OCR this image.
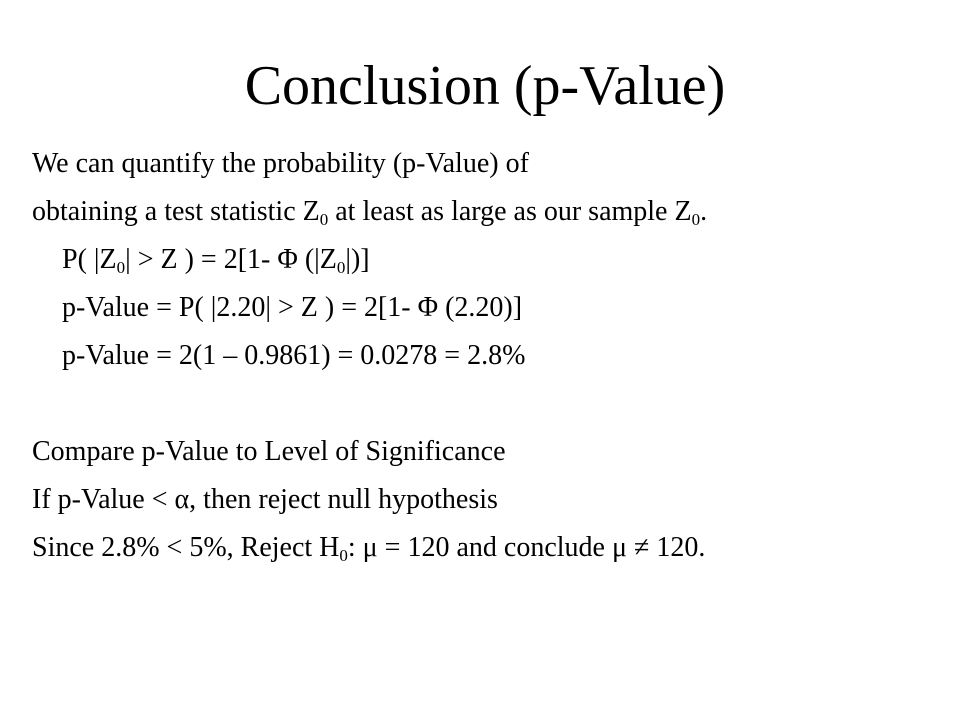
Conclusion (p-Value)
We can quantify the probability (p-Value) of
obtaining a test statistic $Z_0$ at least as large as our sample $Z_0$.
P( $|Z_0| > Z$ ) = 2[1- Φ $(|Z_0|)$]
p-Value = P( |2.20| > Z ) = 2[1- Φ (2.20)]
p-Value = 2(1 – 0.9861) = 0.0278 = 2.8%
Compare p-Value to Level of Significance
If p-Value < α, then reject null hypothesis
Since 2.8% < 5%, Reject $H_0$: μ = 120 and conclude μ ≠ 120.
